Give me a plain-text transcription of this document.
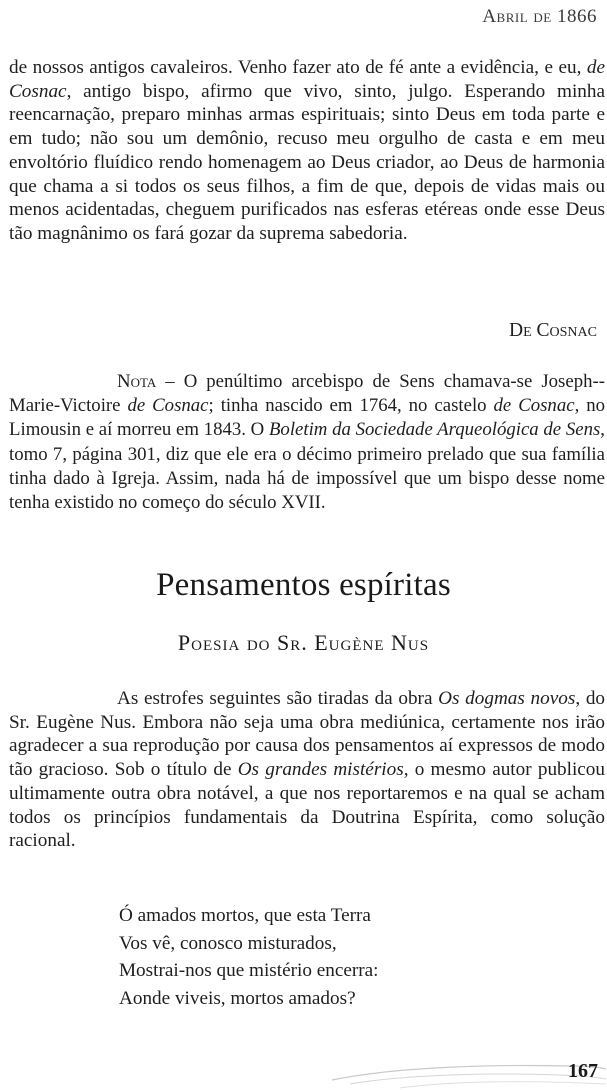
Abril de 1866

de nossos antigos cavaleiros. Venho fazer ato de fé ante a evidência, e eu, de Cosnac, antigo bispo, afirmo que vivo, sinto, julgo. Esperando minha reencarnação, preparo minhas armas espirituais; sinto Deus em toda parte e em tudo; não sou um demônio, recuso meu orgulho de casta e em meu envoltório fluídico rendo homenagem ao Deus criador, ao Deus de harmonia que chama a si todos os seus filhos, a fim de que, depois de vidas mais ou menos acidentadas, cheguem purificados nas esferas etéreas onde esse Deus tão magnânimo os fará gozar da suprema sabedoria.

De Cosnac

Nota – O penúltimo arcebispo de Sens chamava-se Joseph--Marie-Victoire de Cosnac; tinha nascido em 1764, no castelo de Cosnac, no Limousin e aí morreu em 1843. O Boletim da Sociedade Arqueológica de Sens, tomo 7, página 301, diz que ele era o décimo primeiro prelado que sua família tinha dado à Igreja. Assim, nada há de impossível que um bispo desse nome tenha existido no começo do século XVII.

Pensamentos espíritas
Poesia do Sr. Eugène Nus

As estrofes seguintes são tiradas da obra Os dogmas novos, do Sr. Eugène Nus. Embora não seja uma obra mediúnica, certamente nos irão agradecer a sua reprodução por causa dos pensamentos aí expressos de modo tão gracioso. Sob o título de Os grandes mistérios, o mesmo autor publicou ultimamente outra obra notável, a que nos reportaremos e na qual se acham todos os princípios fundamentais da Doutrina Espírita, como solução racional.

Ó amados mortos, que esta Terra
Vos vê, conosco misturados,
Mostrai-nos que mistério encerra:
Aonde viveis, mortos amados?
167
